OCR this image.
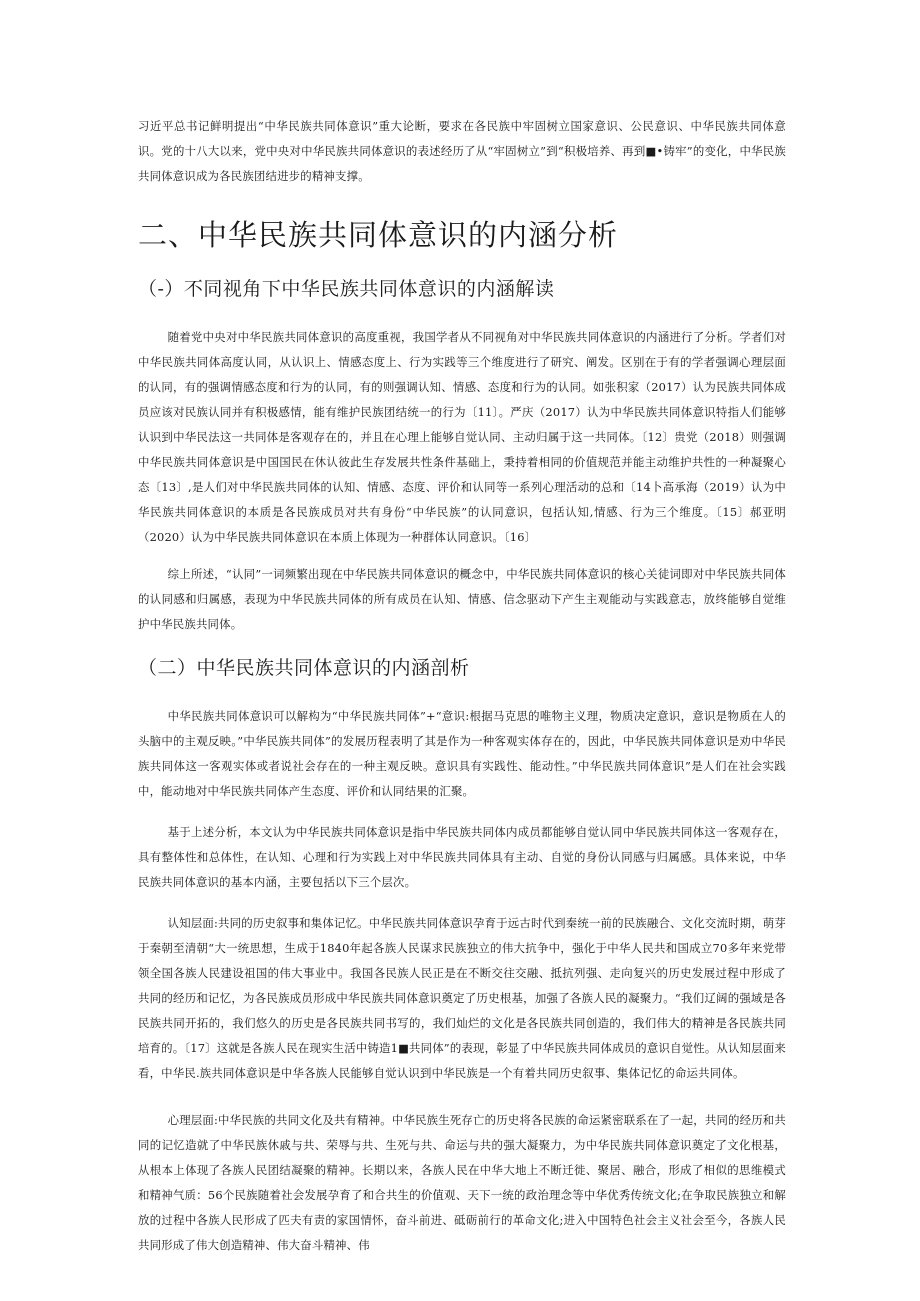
习近平总书记鲜明提出“中华民族共同体意识”重大论断，要求在各民族中牢固树立国家意识、公民意识、中华民族共同体意识。党的十八大以来，党中央对中华民族共同体意识的表述经历了从“牢固树立”到“积极培养、再到■•铸牢”的变化，中华民族共同体意识成为各民族团结进步的精神支撑。

二、中华民族共同体意识的内涵分析
（-）不同视角下中华民族共同体意识的内涵解读

随着党中央对中华民族共同体意识的高度重视，我国学者从不同视角对中华民族共同体意识的内涵进行了分析。学者们对中华民族共同体高度认同，从认识上、情感态度上、行为实践等三个维度进行了研究、阐发。区别在于有的学者强调心理层面的认同，有的强调情感态度和行为的认同，有的则强调认知、情感、态度和行为的认同。如张积家（2017）认为民族共同体成员应该对民族认同并有积极感情，能有维护民族团结统一的行为〔11〕。严庆（2017）认为中华民族共同体意识特指人们能够认识到中华民法这一共同体是客观存在的，并且在心理上能够自觉认同、主动归属于这一共同体。〔12〕贵党（2018）则强调中华民族共同体意识是中国国民在休认彼此生存发展共性条件基础上，秉持着相同的价值规范并能主动维护共性的一种凝聚心态〔13〕,是人们对中华民族共同体的认知、情感、态度、评价和认同等一系列心理活动的总和〔14卜高承海（2019）认为中华民族共同体意识的本质是各民族成员对共有身份“中华民族”的认同意识，包括认知,情感、行为三个维度。〔15〕郝亚明（2020）认为中华民族共同体意识在本质上体现为一种群体认同意识。〔16〕

综上所述，“认同”一词频繁出现在中华民族共同体意识的概念中，中华民族共同体意识的核心关徒词即对中华民族共同体的认同感和归属感，表现为中华民族共同体的所有成员在认知、情感、信念驱动下产生主观能动与实践意志，放终能够自觉维护中华民族共同体。

（二）中华民族共同体意识的内涵剖析

中华民族共同体意识可以解构为“中华民族共同体”+“意识:根据马克思的唯物主义理，物质决定意识，意识是物质在人的头脑中的主观反映。”中华民族共同体”的发展历程表明了其是作为一种客观实体存在的，因此，中华民族共同体意识是劝中华民族共同体这一客观实体或者说社会存在的一种主观反映。意识具有实践性、能动性。”中华民族共同体意识”是人们在社会实践中，能动地对中华民族共同体产生态度、评价和认同结果的汇聚。

基于上述分析，本文认为中华民族共同体意识是指中华民族共同体内成员都能够自觉认同中华民族共同体这一客观存在，具有整体性和总体性，在认知、心理和行为实践上对中华民族共同体具有主动、自觉的身份认同感与归属感。具体来说，中华民族共同体意识的基本内涵，主要包括以下三个层次。

认知层面:共同的历史叙事和集体记忆。中华民族共同体意识孕育于远古时代到秦统一前的民族融合、文化交流时期，萌芽于秦朝至清朝“大一统思想，生成于1840年起各族人民谋求民族独立的伟大抗争中，强化于中华人民共和国成立70多年来党带领全国各族人民建设祖国的伟大事业中。我国各民族人民正是在不断交往交融、抵抗列强、走向复兴的历史发展过程中形成了共同的经历和记忆，为各民族成员形成中华民族共同体意识奠定了历史根基，加强了各族人民的凝聚力。“我们辽阔的强域是各民族共同开拓的，我们悠久的历史是各民族共同书写的，我们灿烂的文化是各民族共同创造的，我们伟大的精神是各民族共同培育的。〔17〕这就是各族人民在现实生活中铸造1■共同体”的表现，彰显了中华民族共同体成员的意识自觉性。从认知层面来看，中华民.族共同体意识是中华各族人民能够自觉认识到中华民族是一个有着共同历史叙事、集体记忆的命运共同体。

心理层面:中华民族的共同文化及共有精神。中华民族生死存亡的历史将各民族的命运紧密联系在了一起，共同的经历和共同的记忆造就了中华民族休戚与共、荣辱与共、生死与共、命运与共的强大凝聚力，为中华民族共同体意识奠定了文化根基，从根本上体现了各族人民团结凝聚的精神。长期以来，各族人民在中华大地上不断迁徙、聚居、融合，形成了相似的思维模式和精神气质：56个民族随着社会发展孕育了和合共生的价值观、天下一统的政治理念等中华优秀传统文化;在争取民族独立和解放的过程中各族人民形成了匹夫有责的家国情怀，奋斗前进、砥砺前行的革命文化;进入中国特色社会主义社会至今，各族人民共同形成了伟大创造精神、伟大奋斗精神、伟
